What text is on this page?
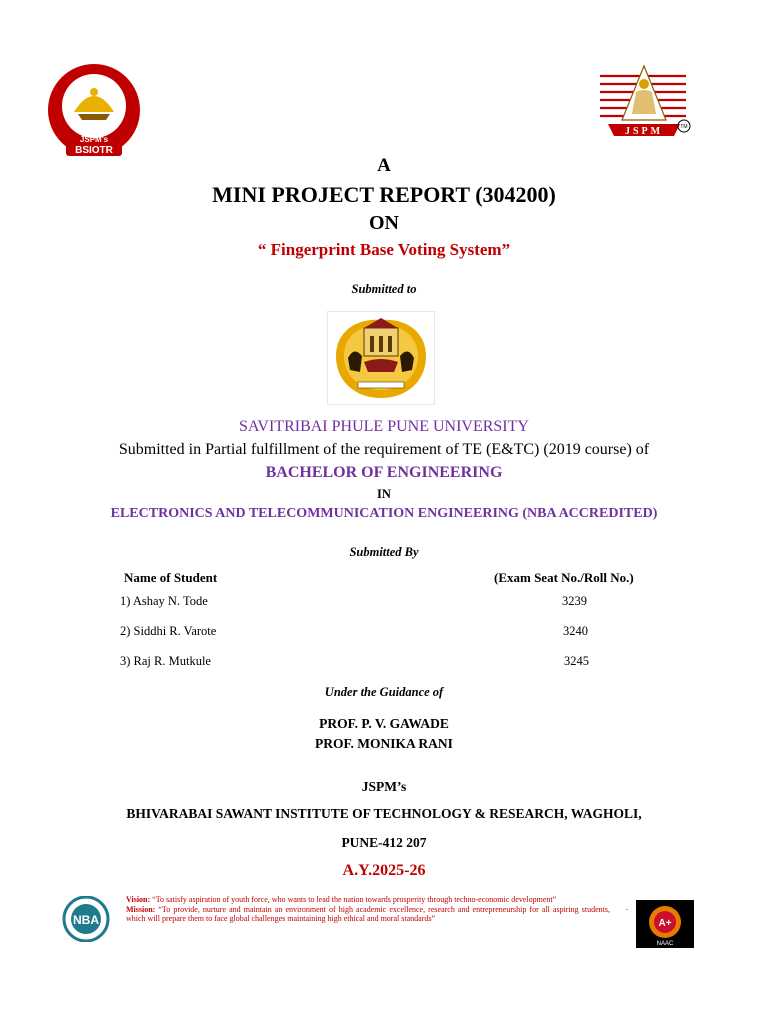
JSPM's
BSIOTR
JSPM	TM
A
MINI PROJECT REPORT (304200)
ON
“ Fingerprint Base Voting System”
Submitted to
SAVITRIBAI PHULE PUNE UNIVERSITY
Submitted in Partial fulfillment of the requirement of TE (E&TC) (2019 course) of
BACHELOR OF ENGINEERING
IN
ELECTRONICS AND TELECOMMUNICATION ENGINEERING (NBA ACCREDITED)
Submitted By
Name of Student	(Exam Seat No./Roll No.)
1) Ashay N. Tode	3239
2) Siddhi R. Varote	3240
3) Raj R. Mutkule	3245
Under the Guidance of
PROF. P. V. GAWADE
PROF. MONIKA RANI
JSPM’s
BHIVARABAI SAWANT INSTITUTE OF TECHNOLOGY & RESEARCH, WAGHOLI,
PUNE-412 207
A.Y.2025-26
NBA
Vision: “To satisfy aspiration of youth force, who wants to lead the nation towards prosperity through techno-economic development”
Mission: “To provide, nurture and maintain an environment of high academic excellence, research and entrepreneurship for all aspiring students, which will prepare them to face global challenges maintaining high ethical and moral standards”
.
A+
NAAC
